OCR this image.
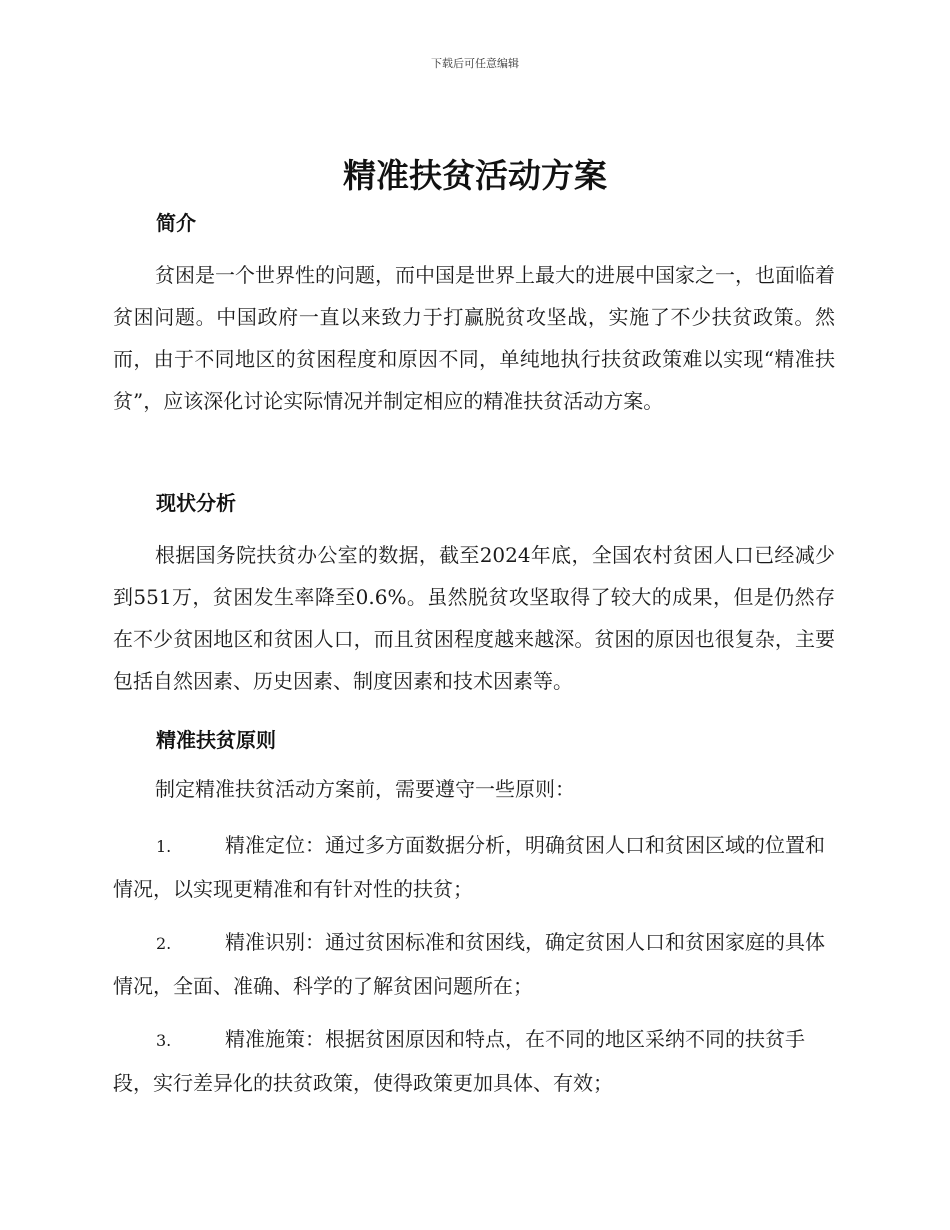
下载后可任意编辑
精准扶贫活动方案
简介

贫困是一个世界性的问题，而中国是世界上最大的进展中国家之一，也面临着贫困问题。中国政府一直以来致力于打赢脱贫攻坚战，实施了不少扶贫政策。然而，由于不同地区的贫困程度和原因不同，单纯地执行扶贫政策难以实现“精准扶贫”，应该深化讨论实际情况并制定相应的精准扶贫活动方案。

现状分析

根据国务院扶贫办公室的数据，截至2024年底，全国农村贫困人口已经减少到551万，贫困发生率降至0.6%。虽然脱贫攻坚取得了较大的成果，但是仍然存在不少贫困地区和贫困人口，而且贫困程度越来越深。贫困的原因也很复杂，主要包括自然因素、历史因素、制度因素和技术因素等。

精准扶贫原则

制定精准扶贫活动方案前，需要遵守一些原则：

1.	精准定位：通过多方面数据分析，明确贫困人口和贫困区域的位置和情况，以实现更精准和有针对性的扶贫；

2.	精准识别：通过贫困标准和贫困线，确定贫困人口和贫困家庭的具体情况，全面、准确、科学的了解贫困问题所在；

3.	精准施策：根据贫困原因和特点，在不同的地区采纳不同的扶贫手段，实行差异化的扶贫政策，使得政策更加具体、有效；
